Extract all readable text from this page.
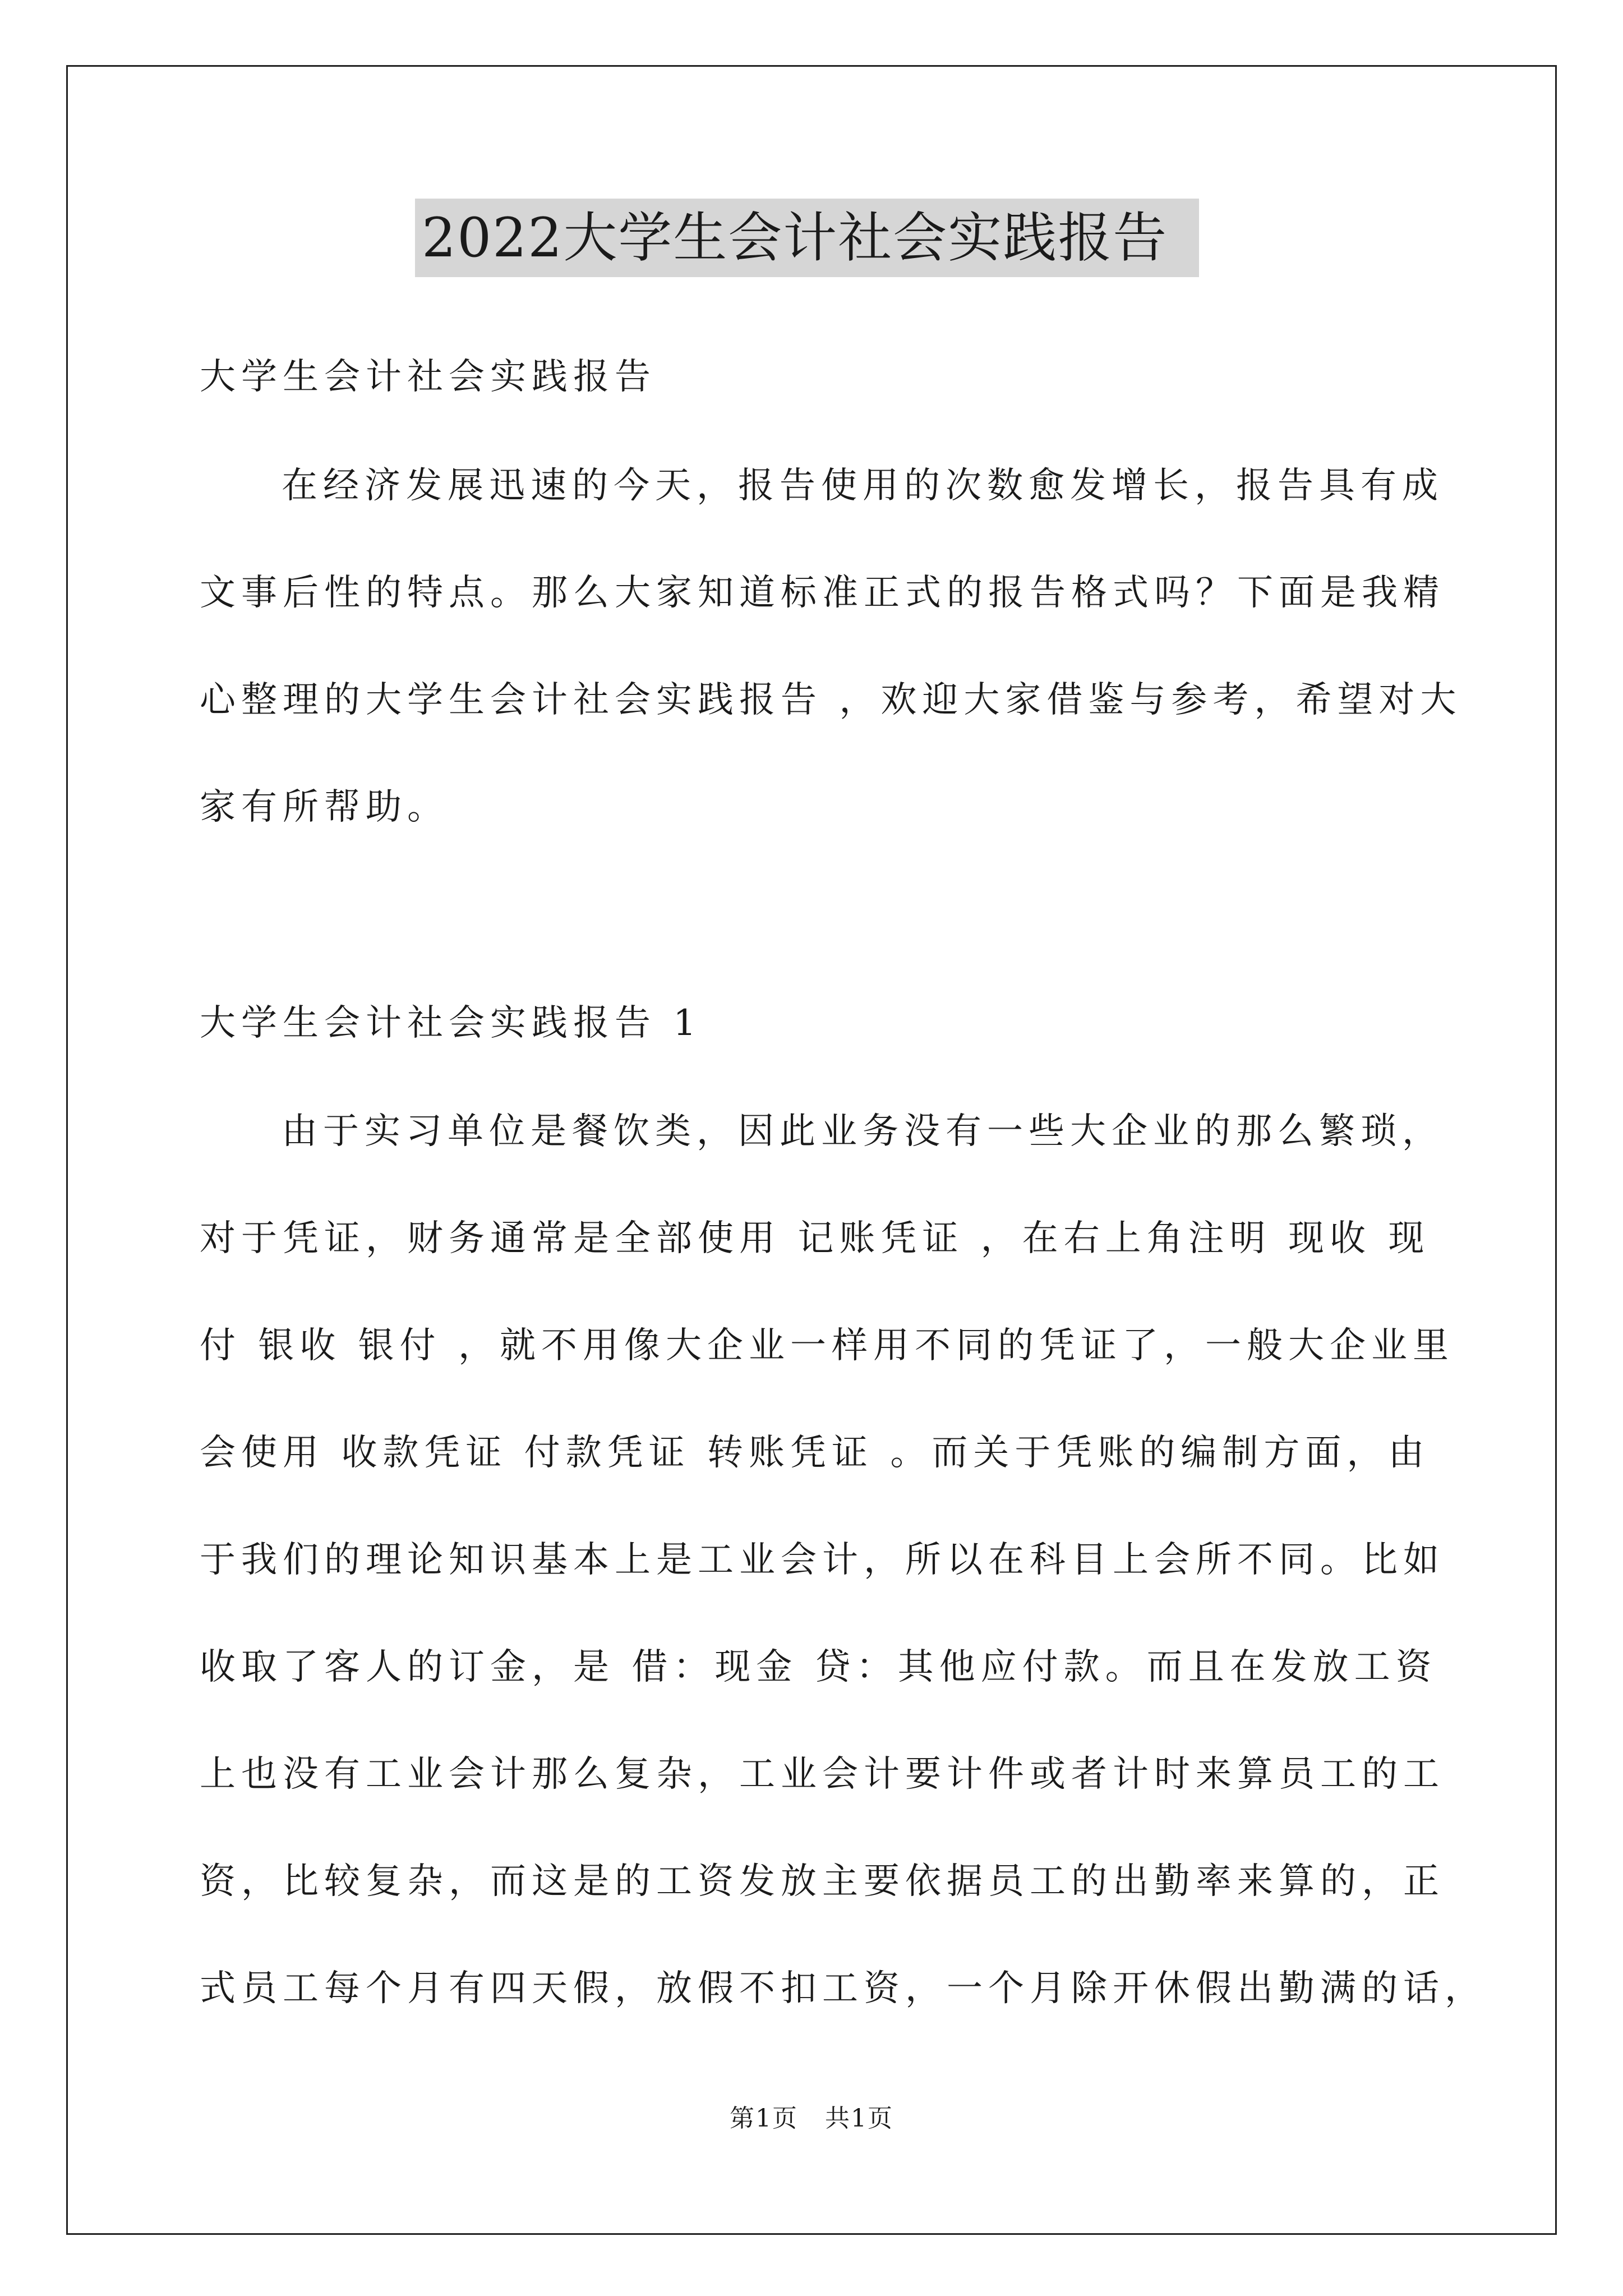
2022大学生会计社会实践报告
大学生会计社会实践报告
在经济发展迅速的今天，报告使用的次数愈发增长，报告具有成
文事后性的特点。那么大家知道标准正式的报告格式吗？下面是我精
心整理的大学生会计社会实践报告 ，欢迎大家借鉴与参考，希望对大
家有所帮助。
大学生会计社会实践报告 1
由于实习单位是餐饮类，因此业务没有一些大企业的那么繁琐，
对于凭证，财务通常是全部使用 记账凭证 ，在右上角注明 现收 现
付 银收 银付 ，就不用像大企业一样用不同的凭证了，一般大企业里
会使用 收款凭证 付款凭证 转账凭证 。而关于凭账的编制方面，由
于我们的理论知识基本上是工业会计，所以在科目上会所不同。比如
收取了客人的订金，是 借：现金 贷：其他应付款。而且在发放工资
上也没有工业会计那么复杂，工业会计要计件或者计时来算员工的工
资，比较复杂，而这是的工资发放主要依据员工的出勤率来算的，正
式员工每个月有四天假，放假不扣工资，一个月除开休假出勤满的话，
第1页   共1页
